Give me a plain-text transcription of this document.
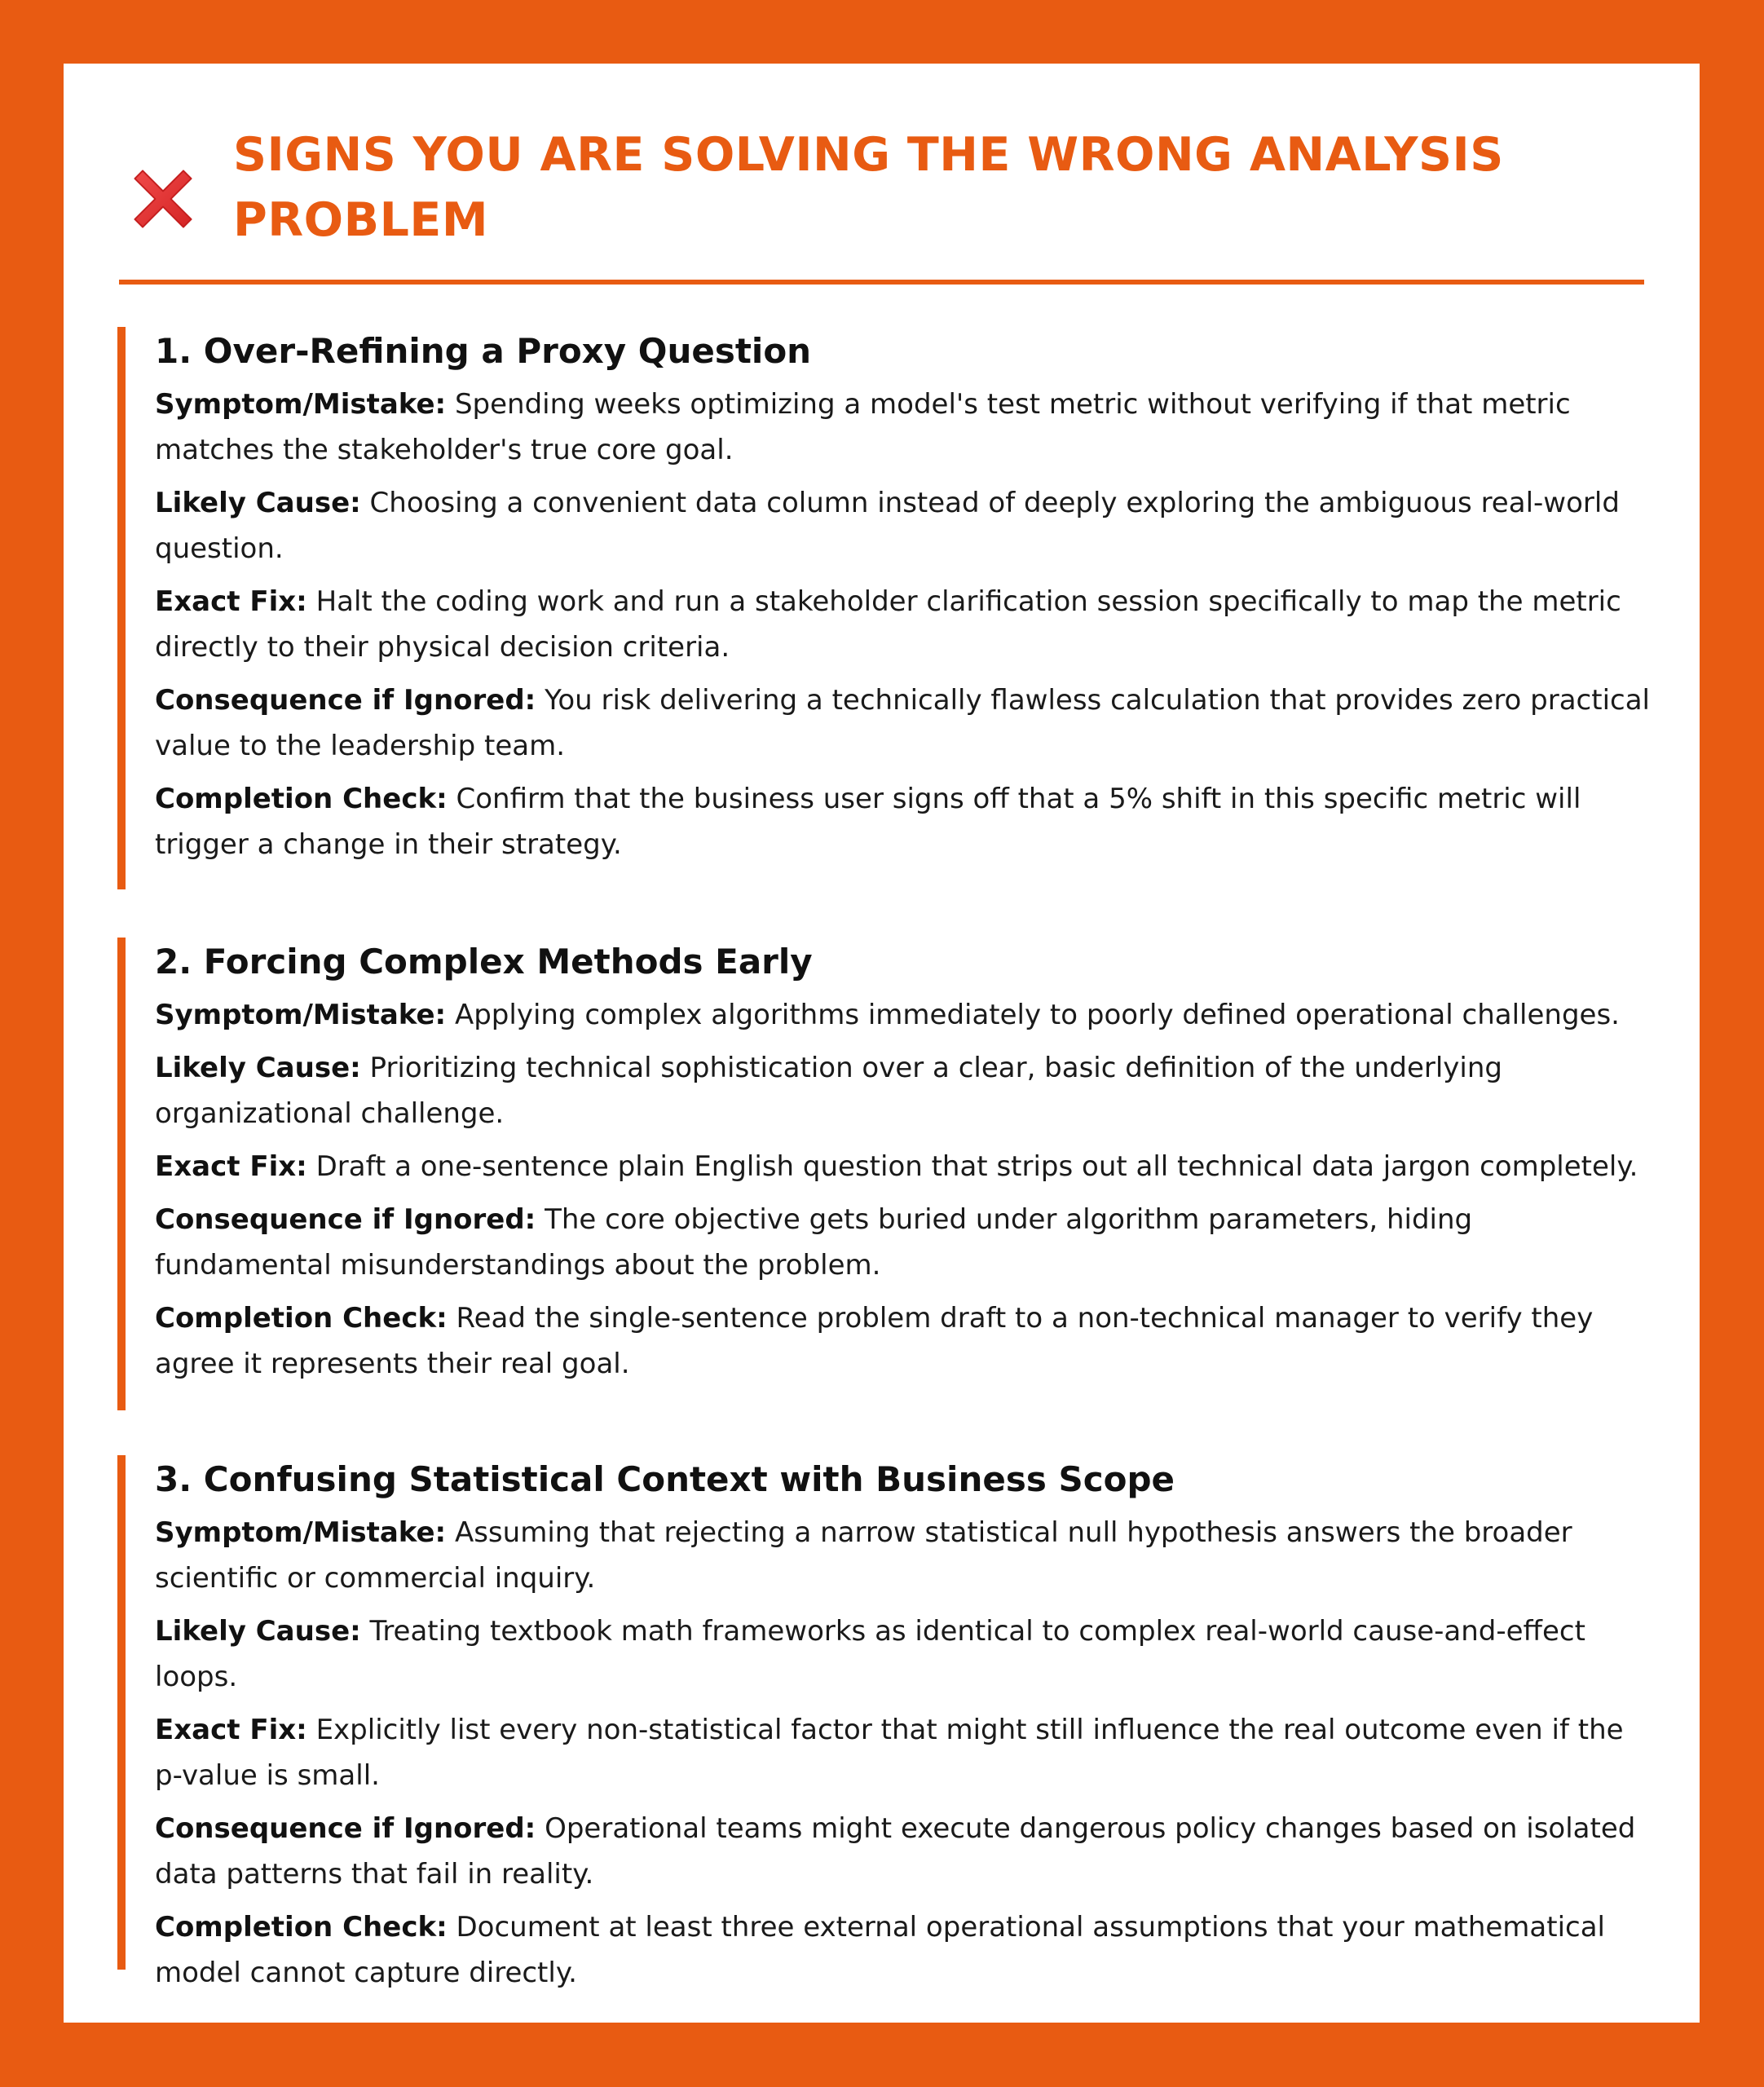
SIGNS YOU ARE SOLVING THE WRONG ANALYSIS PROBLEM
1. Over-Refining a Proxy Question

Symptom/Mistake: Spending weeks optimizing a model's test metric without verifying if that metric matches the stakeholder's true core goal.

Likely Cause: Choosing a convenient data column instead of deeply exploring the ambiguous real-world question.

Exact Fix: Halt the coding work and run a stakeholder clarification session specifically to map the metric directly to their physical decision criteria.

Consequence if Ignored: You risk delivering a technically flawless calculation that provides zero practical value to the leadership team.

Completion Check: Confirm that the business user signs off that a 5% shift in this specific metric will trigger a change in their strategy.

2. Forcing Complex Methods Early

Symptom/Mistake: Applying complex algorithms immediately to poorly defined operational challenges.

Likely Cause: Prioritizing technical sophistication over a clear, basic definition of the underlying organizational challenge.

Exact Fix: Draft a one-sentence plain English question that strips out all technical data jargon completely.

Consequence if Ignored: The core objective gets buried under algorithm parameters, hiding fundamental misunderstandings about the problem.

Completion Check: Read the single-sentence problem draft to a non-technical manager to verify they agree it represents their real goal.

3. Confusing Statistical Context with Business Scope

Symptom/Mistake: Assuming that rejecting a narrow statistical null hypothesis answers the broader scientific or commercial inquiry.

Likely Cause: Treating textbook math frameworks as identical to complex real-world cause-and-effect loops.

Exact Fix: Explicitly list every non-statistical factor that might still influence the real outcome even if the p-value is small.

Consequence if Ignored: Operational teams might execute dangerous policy changes based on isolated data patterns that fail in reality.

Completion Check: Document at least three external operational assumptions that your mathematical model cannot capture directly.
